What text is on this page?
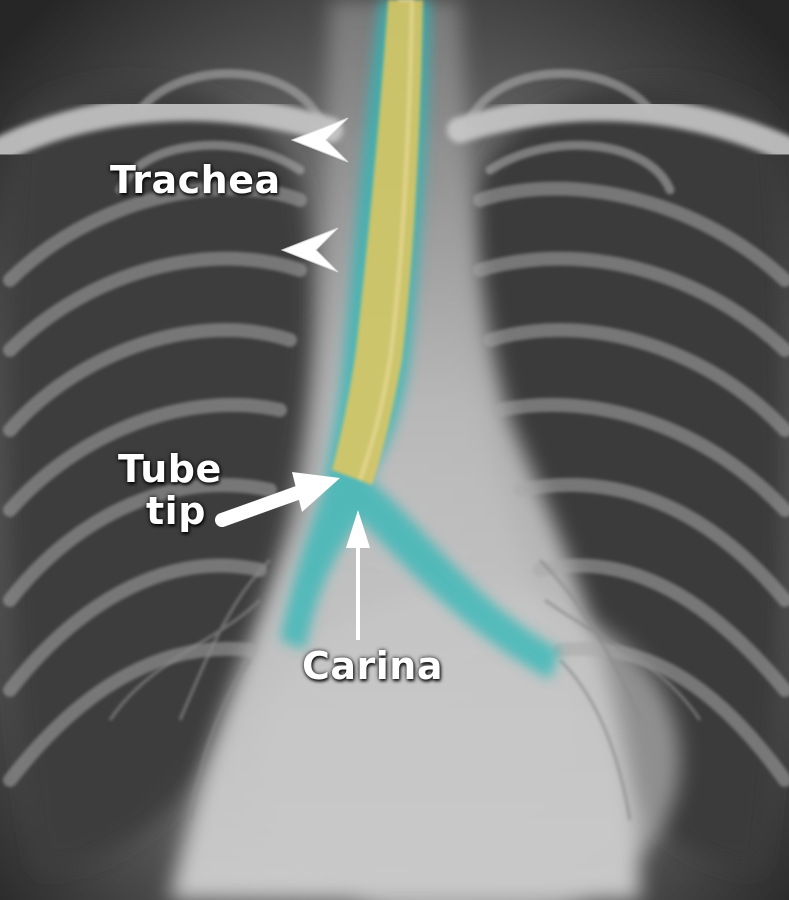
Trachea
Tube
tip
Carina
